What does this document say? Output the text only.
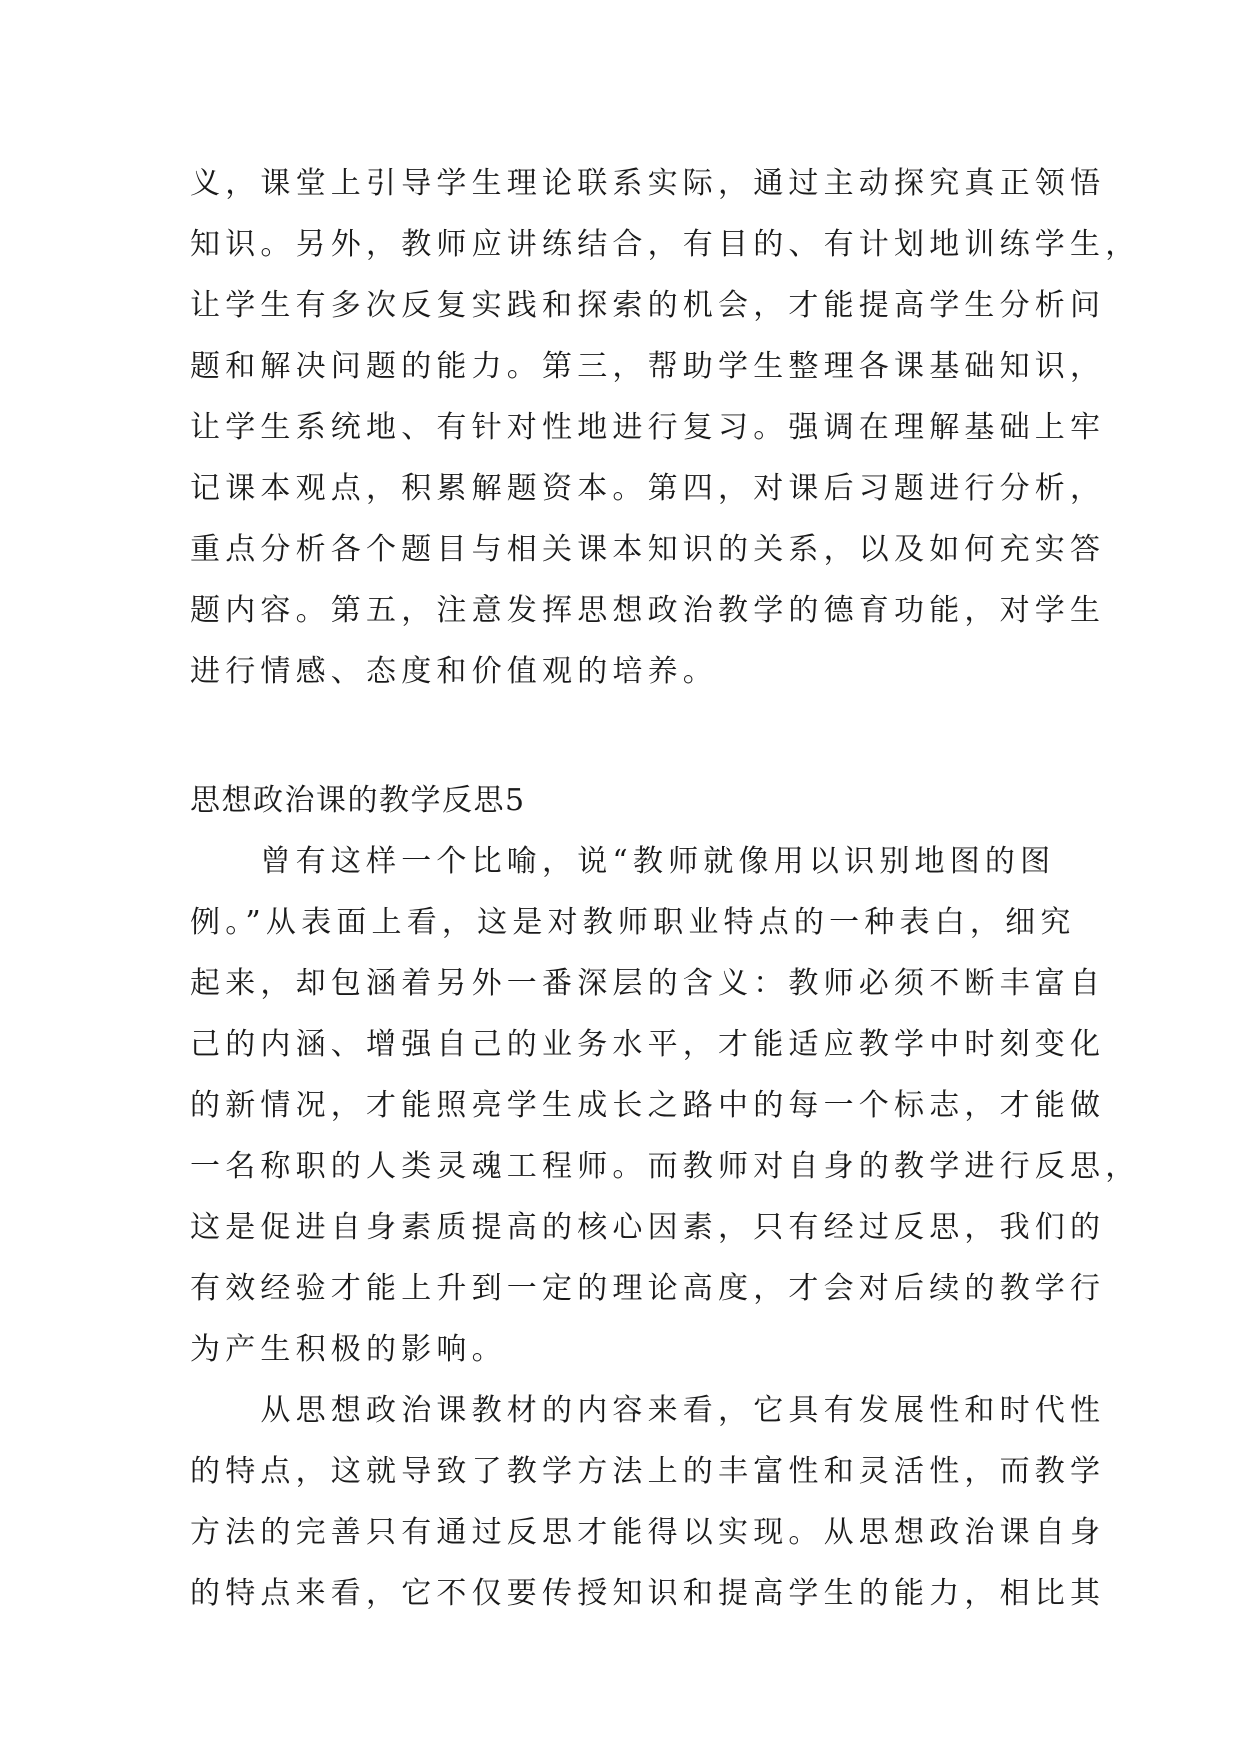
义，课堂上引导学生理论联系实际，通过主动探究真正领悟
知识。另外，教师应讲练结合，有目的、有计划地训练学生，
让学生有多次反复实践和探索的机会，才能提高学生分析问
题和解决问题的能力。第三，帮助学生整理各课基础知识，
让学生系统地、有针对性地进行复习。强调在理解基础上牢
记课本观点，积累解题资本。第四，对课后习题进行分析，
重点分析各个题目与相关课本知识的关系，以及如何充实答
题内容。第五，注意发挥思想政治教学的德育功能，对学生
进行情感、态度和价值观的培养。
思想政治课的教学反思5
　　曾有这样一个比喻，说“教师就像用以识别地图的图
例。”从表面上看，这是对教师职业特点的一种表白，细究
起来，却包涵着另外一番深层的含义：教师必须不断丰富自
己的内涵、增强自己的业务水平，才能适应教学中时刻变化
的新情况，才能照亮学生成长之路中的每一个标志，才能做
一名称职的人类灵魂工程师。而教师对自身的教学进行反思，
这是促进自身素质提高的核心因素，只有经过反思，我们的
有效经验才能上升到一定的理论高度，才会对后续的教学行
为产生积极的影响。
　　从思想政治课教材的内容来看，它具有发展性和时代性
的特点，这就导致了教学方法上的丰富性和灵活性，而教学
方法的完善只有通过反思才能得以实现。从思想政治课自身
的特点来看，它不仅要传授知识和提高学生的能力，相比其
